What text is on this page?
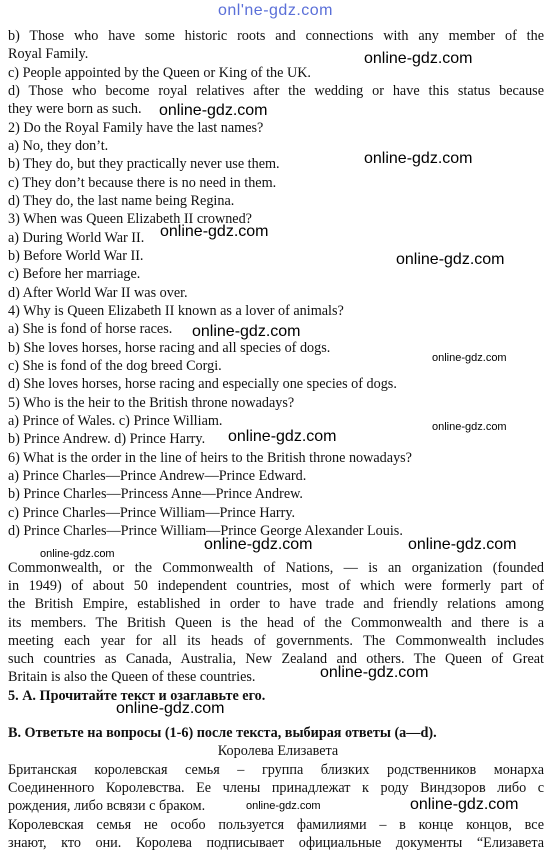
onl'ne-gdz.com
b) Those who have some historic roots and connections with any member of the
Royal Family.
c) People appointed by the Queen or King of the UK.
d) Those who become royal relatives after the wedding or have this status because
they were born as such.
2) Do the Royal Family have the last names?
a) No, they don’t.
b) They do, but they practically never use them.
c) They don’t because there is no need in them.
d) They do, the last name being Regina.
3) When was Queen Elizabeth II crowned?
a) During World War II.
b) Before World War II.
c) Before her marriage.
d) After World War II was over.
4) Why is Queen Elizabeth II known as a lover of animals?
a) She is fond of horse races.
b) She loves horses, horse racing and all species of dogs.
c) She is fond of the dog breed Corgi.
d) She loves horses, horse racing and especially one species of dogs.
5) Who is the heir to the British throne nowadays?
a) Prince of Wales. c) Prince William.
b) Prince Andrew. d) Prince Harry.
6) What is the order in the line of heirs to the British throne nowadays?
a) Prince Charles—Prince Andrew—Prince Edward.
b) Prince Charles—Princess Anne—Prince Andrew.
c) Prince Charles—Prince William—Prince Harry.
d) Prince Charles—Prince William—Prince George Alexander Louis.
Commonwealth, or the Commonwealth of Nations, — is an organization (founded
in 1949) of about 50 independent countries, most of which were formerly part of
the British Empire, established in order to have trade and friendly relations among
its members. The British Queen is the head of the Commonwealth and there is a
meeting each year for all its heads of governments. The Commonwealth includes
such countries as Canada, Australia, New Zealand and others. The Queen of Great
Britain is also the Queen of these countries.
5. А. Прочитайте текст и озаглавьте его.
В. Ответьте на вопросы (1-6) после текста, выбирая ответы (а—d).
Королева Елизавета
Британская королевская семья – группа близких родственников монарха
Соединенного Королевства. Ее члены принадлежат к роду Виндзоров либо с
рождения, либо всвязи с браком.
Королевская семья не особо пользуется фамилиями – в конце концов, все
знают, кто они. Королева подписывает официальные документы “Елизавета
online-gdz.com
online-gdz.com
online-gdz.com
online-gdz.com
online-gdz.com
online-gdz.com
online-gdz.com
online-gdz.com
online-gdz.com
online-gdz.com
online-gdz.com	online-gdz.com
online-gdz.com
online-gdz.com
online-gdz.com	online-gdz.com
